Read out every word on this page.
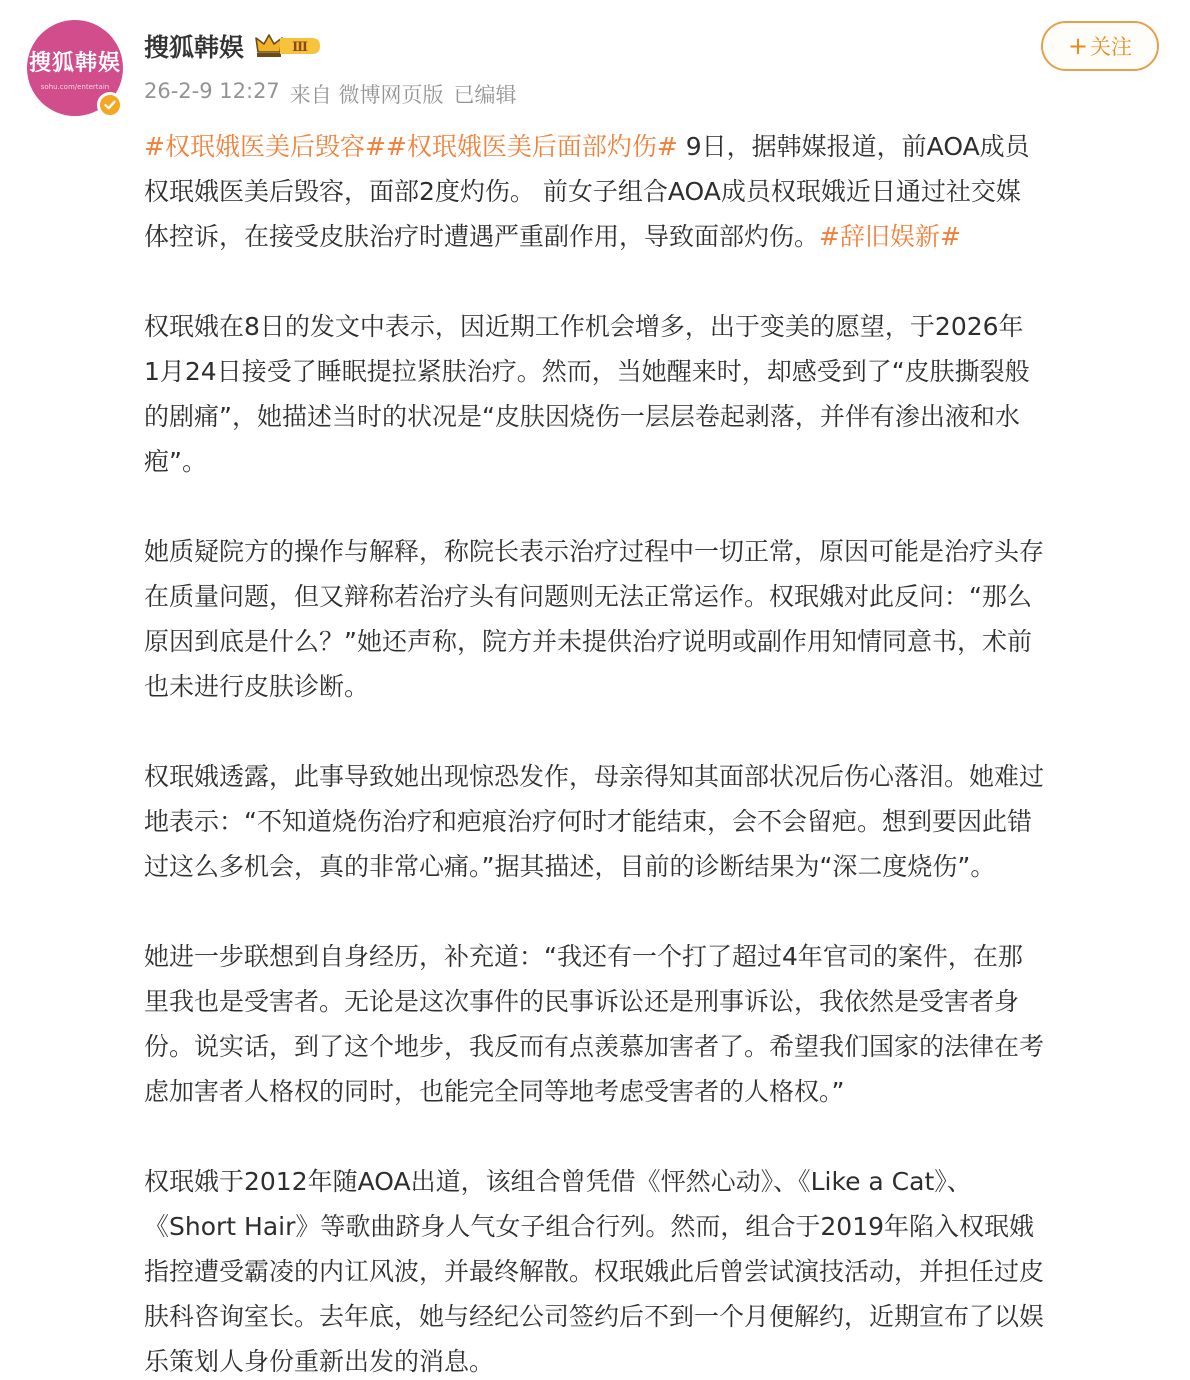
搜狐韩娱
sohu.com/entertain
搜狐韩娱	Ⅲ
26-2-9 12:27 来自 微博网页版 已编辑
+ 关注
#权珉娥医美后毁容##权珉娥医美后面部灼伤# 9日，据韩媒报道，前AOA成员
权珉娥医美后毁容，面部2度灼伤。 前女子组合AOA成员权珉娥近日通过社交媒
体控诉，在接受皮肤治疗时遭遇严重副作用，导致面部灼伤。#辞旧娱新#
权珉娥在8日的发文中表示，因近期工作机会增多，出于变美的愿望，于2026年
1月24日接受了睡眠提拉紧肤治疗。然而，当她醒来时，却感受到了“皮肤撕裂般
的剧痛”，她描述当时的状况是“皮肤因烧伤一层层卷起剥落，并伴有渗出液和水
疱”。
她质疑院方的操作与解释，称院长表示治疗过程中一切正常，原因可能是治疗头存
在质量问题，但又辩称若治疗头有问题则无法正常运作。权珉娥对此反问：“那么
原因到底是什么？”她还声称，院方并未提供治疗说明或副作用知情同意书，术前
也未进行皮肤诊断。
权珉娥透露，此事导致她出现惊恐发作，母亲得知其面部状况后伤心落泪。她难过
地表示：“不知道烧伤治疗和疤痕治疗何时才能结束，会不会留疤。想到要因此错
过这么多机会，真的非常心痛。”据其描述，目前的诊断结果为“深二度烧伤”。
她进一步联想到自身经历，补充道：“我还有一个打了超过4年官司的案件，在那
里我也是受害者。无论是这次事件的民事诉讼还是刑事诉讼，我依然是受害者身
份。说实话，到了这个地步，我反而有点羡慕加害者了。希望我们国家的法律在考
虑加害者人格权的同时，也能完全同等地考虑受害者的人格权。”
权珉娥于2012年随AOA出道，该组合曾凭借《怦然心动》、《Like a Cat》、
《Short Hair》等歌曲跻身人气女子组合行列。然而，组合于2019年陷入权珉娥
指控遭受霸凌的内讧风波，并最终解散。权珉娥此后曾尝试演技活动，并担任过皮
肤科咨询室长。去年底，她与经纪公司签约后不到一个月便解约，近期宣布了以娱
乐策划人身份重新出发的消息。
